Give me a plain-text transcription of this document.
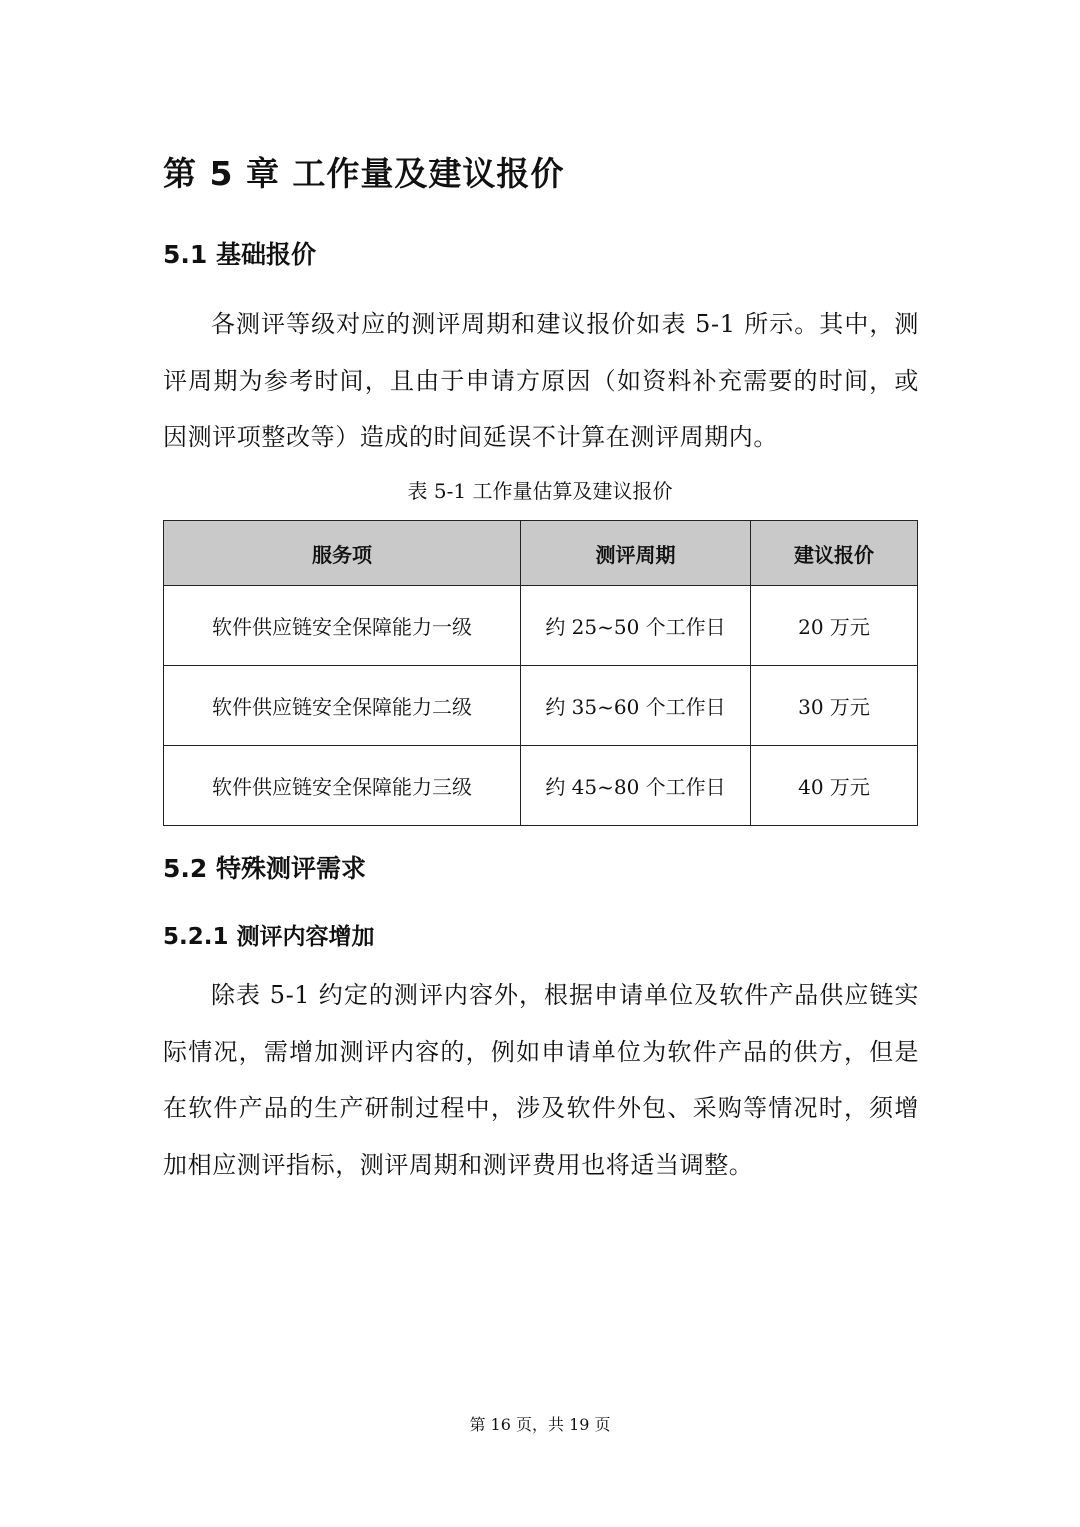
第 5 章 工作量及建议报价
5.1 基础报价

各测评等级对应的测评周期和建议报价如表 5-1 所示。其中，测评周期为参考时间，且由于申请方原因（如资料补充需要的时间，或因测评项整改等）造成的时间延误不计算在测评周期内。

表 5-1 工作量估算及建议报价
服务项	测评周期	建议报价
软件供应链安全保障能力一级	约 25~50 个工作日	20 万元
软件供应链安全保障能力二级	约 35~60 个工作日	30 万元
软件供应链安全保障能力三级	约 45~80 个工作日	40 万元
5.2 特殊测评需求
5.2.1 测评内容增加

除表 5-1 约定的测评内容外，根据申请单位及软件产品供应链实际情况，需增加测评内容的，例如申请单位为软件产品的供方，但是在软件产品的生产研制过程中，涉及软件外包、采购等情况时，须增加相应测评指标，测评周期和测评费用也将适当调整。

第 16 页，共 19 页
